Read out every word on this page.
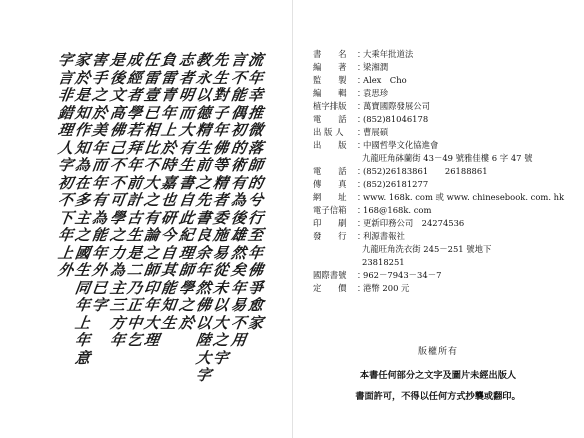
流
年
幸
推
微
落
師
的
兮
行
至
年
佛
爭
愈
家
言
不
能
偶
初
的
術
有
為
後
雄
然
矣
年
易
不
用
先
生
對
子
年
佛
等
精
者
委
施
易
從
未
以
大
之
宇
教
永
以
德
精
生
前
之
先
書
良
余
年
然
佛
以
陸
大
字
志
者
明
而
大
有
生
書
自
此
紀
理
師
學
之
於
負
雷
青
年
上
於
時
嘉
也
研
今
自
其
能
知
生
任
雷
壹
已
相
比
不
大
之
有
論
之
師
印
年
大
理
成
經
者
學
若
拜
年
前
計
古
生
是
二
乃
正
中
乞
是
後
文
高
佛
己
不
不
可
學
之
力
為
主
三
方
年
害
手
之
於
美
年
而
年
有
為
能
年
外
已
字
家
於
是
知
作
知
為
在
多
主
之
國
生
同
年
上
年
意
字
言
非
錯
理
人
字
初
不
下
年
上
外
書　　名	：
大乘年批道法
編　　著	：
梁湘潤
監　　製	：
Alex　Cho
編　　輯	：
袁思珍
植字排版	：
萬寶國際發展公司
電　　話	：
(852)81046178
出 版 人	：
曹展碩
出　　版	：
中國哲學文化協進會
九龍旺角砵蘭街 43－49 號雅佳樓 6 字 47 號
電　　話	：
(852)26183861　　26188861
傳　　真	：
(852)26181277
網　　址	：
www. 168k. com 或 www. chinesebook. com. hk
電子信箱	：
168@168k. com
印　　刷	：
更新印務公司　24274536
發　　行	：
利源書報社
九龍旺角洗衣街 245－251 號地下
23818251
國際書號	：
962－7943－34－7
定　　價	：
港幣 200 元
版權所有
本書任何部分之文字及圖片未經出版人
書面許可，不得以任何方式抄襲或翻印。
